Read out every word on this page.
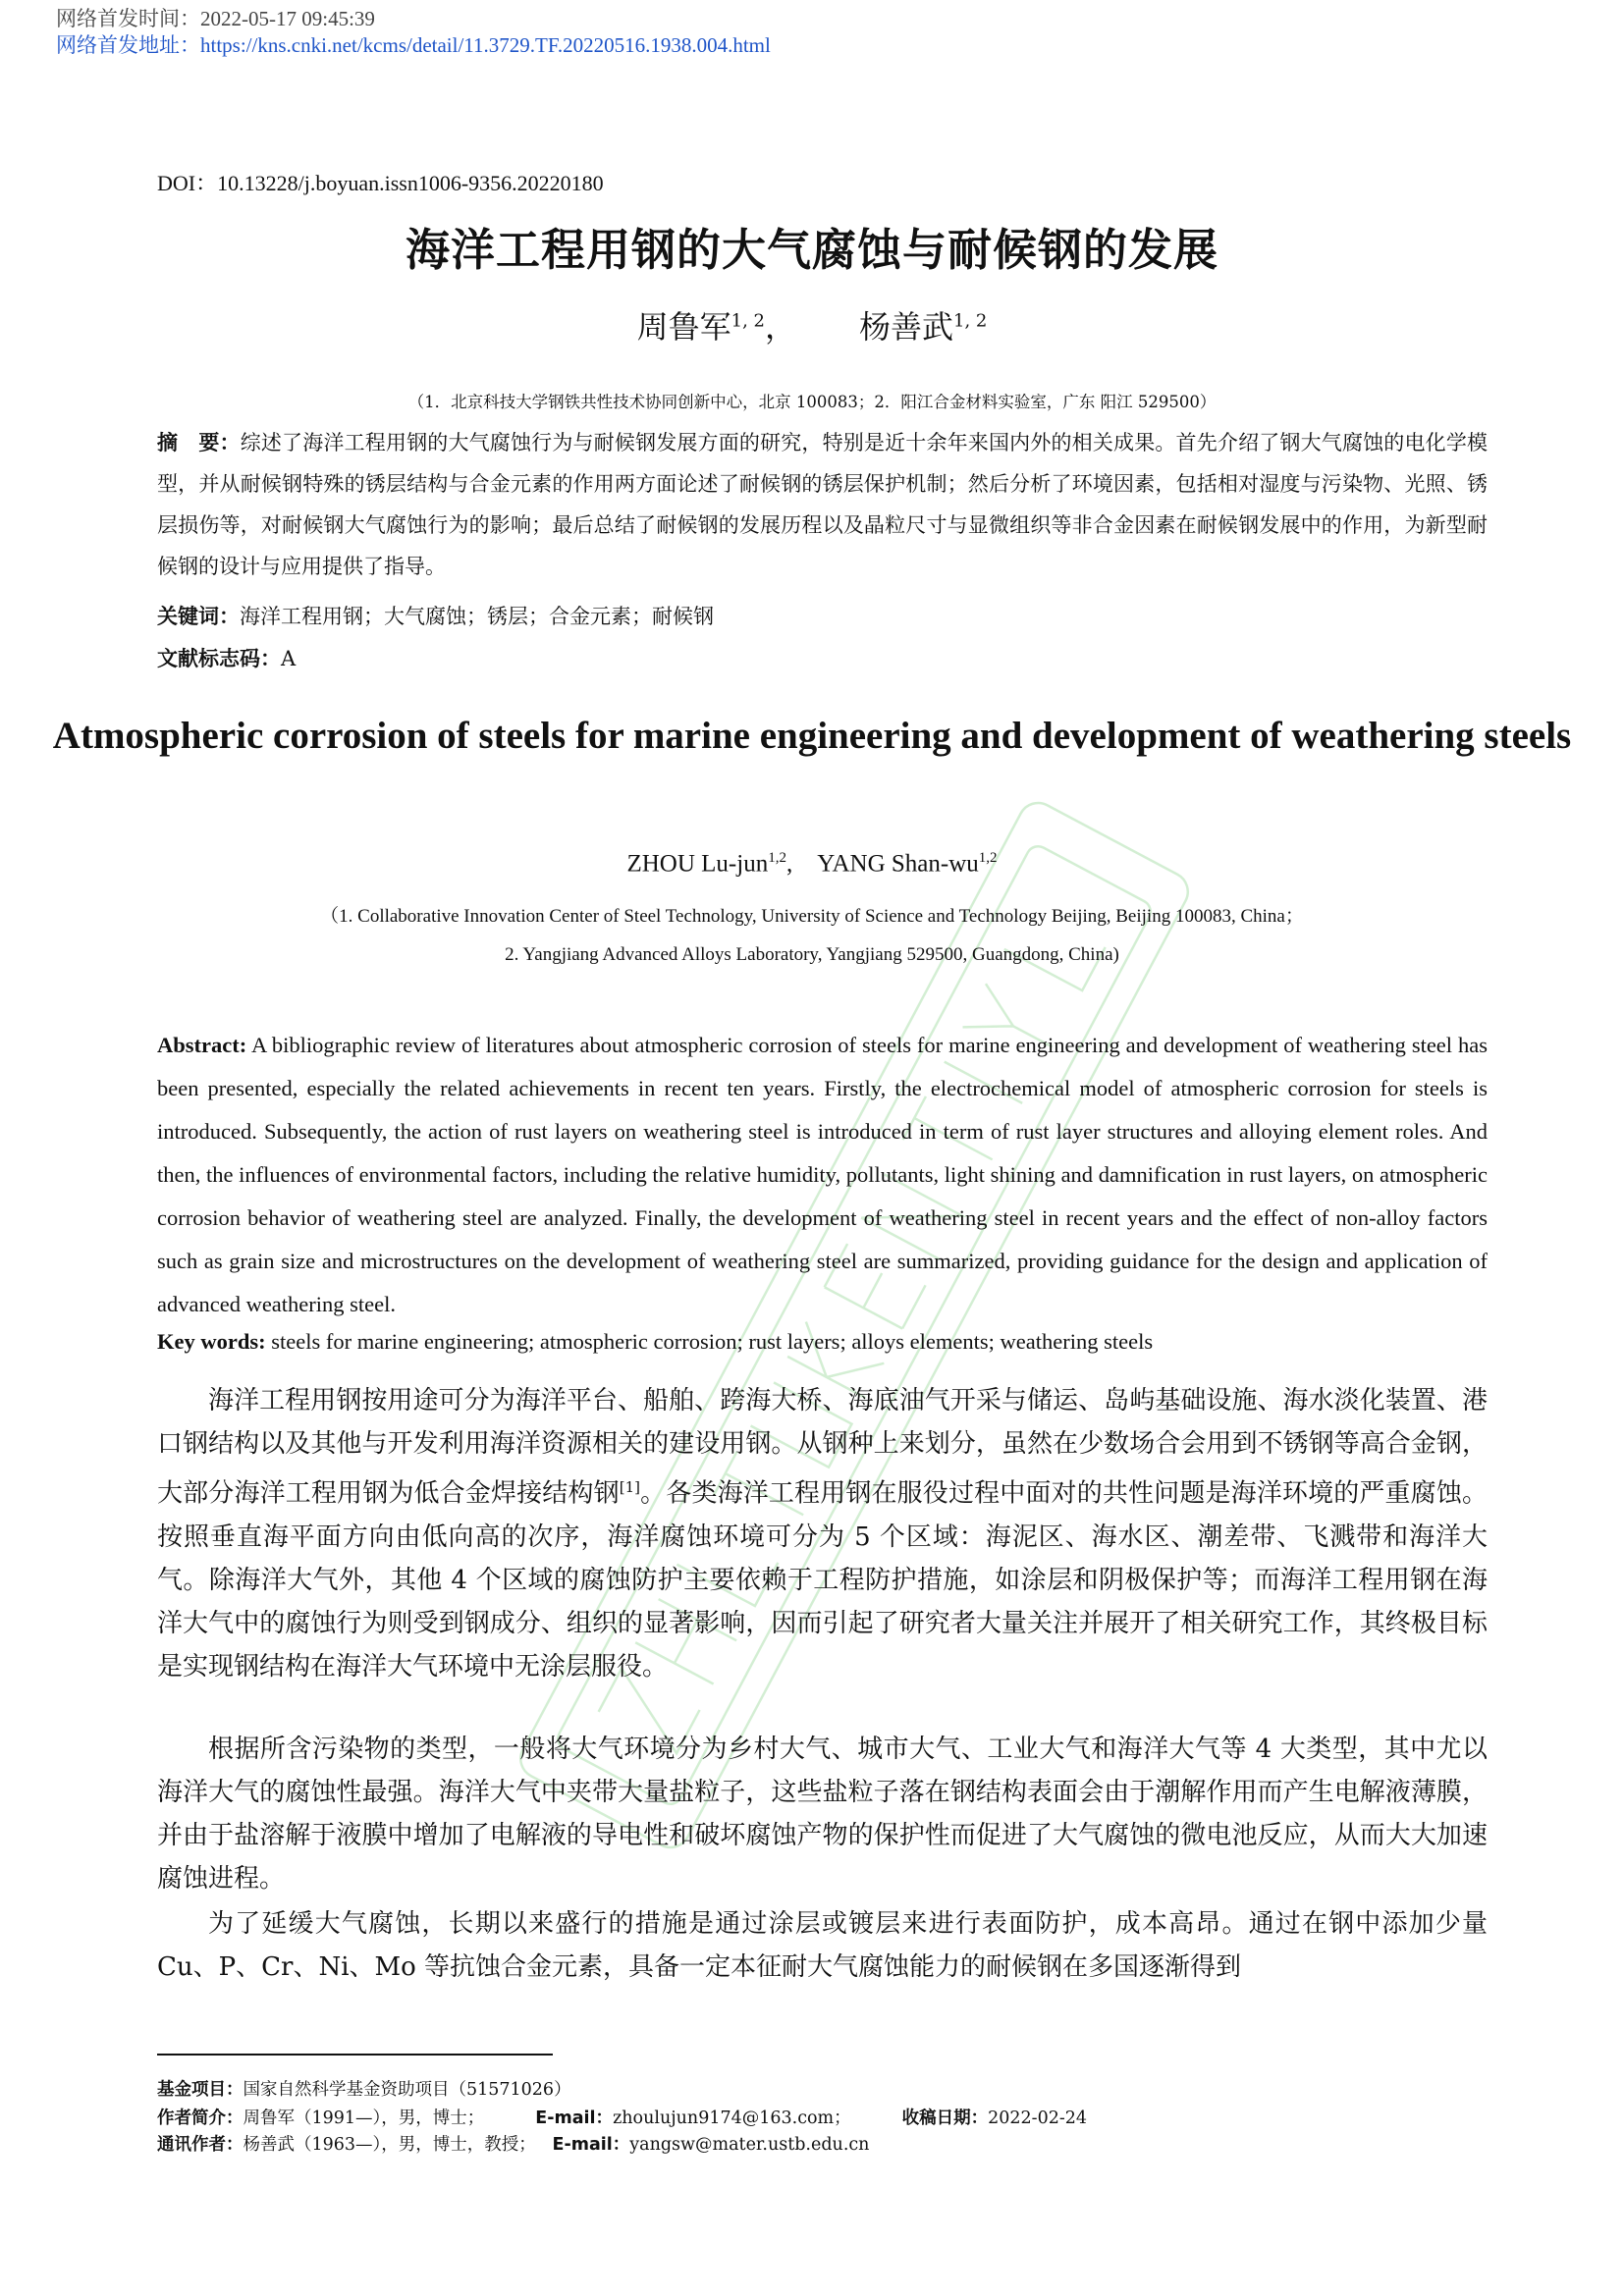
网络首发时间：2022-05-17 09:45:39
网络首发地址：https://kns.cnki.net/kcms/detail/11.3729.TF.20220516.1938.004.html
DOI：10.13228/j.boyuan.issn1006-9356.20220180
海洋工程用钢的大气腐蚀与耐候钢的发展
周鲁军$^{1, 2}$，  杨善武$^{1, 2}$
（1．北京科技大学钢铁共性技术协同创新中心，北京 100083；2．阳江合金材料实验室，广东 阳江 529500）
摘　要：综述了海洋工程用钢的大气腐蚀行为与耐候钢发展方面的研究，特别是近十余年来国内外的相关成果。首先介绍了钢大气腐蚀的电化学模型，并从耐候钢特殊的锈层结构与合金元素的作用两方面论述了耐候钢的锈层保护机制；然后分析了环境因素，包括相对湿度与污染物、光照、锈层损伤等，对耐候钢大气腐蚀行为的影响；最后总结了耐候钢的发展历程以及晶粒尺寸与显微组织等非合金因素在耐候钢发展中的作用，为新型耐候钢的设计与应用提供了指导。
关键词：海洋工程用钢；大气腐蚀；锈层；合金元素；耐候钢
文献标志码：A
Atmospheric corrosion of steels for marine engineering and development of weathering steels
ZHOU Lu-jun$^{1,2}$, YANG Shan-wu$^{1,2}$
（1. Collaborative Innovation Center of Steel Technology, University of Science and Technology Beijing, Beijing 100083, China；
2. Yangjiang Advanced Alloys Laboratory, Yangjiang 529500, Guangdong, China)
Abstract: A bibliographic review of literatures about atmospheric corrosion of steels for marine engineering and development of weathering steel has been presented, especially the related achievements in recent ten years. Firstly, the electrochemical model of atmospheric corrosion for steels is introduced. Subsequently, the action of rust layers on weathering steel is introduced in term of rust layer structures and alloying element roles. And then, the influences of environmental factors, including the relative humidity, pollutants, light shining and damnification in rust layers, on atmospheric corrosion behavior of weathering steel are analyzed. Finally, the development of weathering steel in recent years and the effect of non-alloy factors such as grain size and microstructures on the development of weathering steel are summarized, providing guidance for the design and application of advanced weathering steel.
Key words: steels for marine engineering; atmospheric corrosion; rust layers; alloys elements; weathering steels

海洋工程用钢按用途可分为海洋平台、船舶、跨海大桥、海底油气开采与储运、岛屿基础设施、海水淡化装置、港口钢结构以及其他与开发利用海洋资源相关的建设用钢。从钢种上来划分，虽然在少数场合会用到不锈钢等高合金钢，大部分海洋工程用钢为低合金焊接结构钢[1]。各类海洋工程用钢在服役过程中面对的共性问题是海洋环境的严重腐蚀。按照垂直海平面方向由低向高的次序，海洋腐蚀环境可分为 5 个区域：海泥区、海水区、潮差带、飞溅带和海洋大气。除海洋大气外，其他 4 个区域的腐蚀防护主要依赖于工程防护措施，如涂层和阴极保护等；而海洋工程用钢在海洋大气中的腐蚀行为则受到钢成分、组织的显著影响，因而引起了研究者大量关注并展开了相关研究工作，其终极目标是实现钢结构在海洋大气环境中无涂层服役。

根据所含污染物的类型，一般将大气环境分为乡村大气、城市大气、工业大气和海洋大气等 4 大类型，其中尤以海洋大气的腐蚀性最强。海洋大气中夹带大量盐粒子，这些盐粒子落在钢结构表面会由于潮解作用而产生电解液薄膜，并由于盐溶解于液膜中增加了电解液的导电性和破坏腐蚀产物的保护性而促进了大气腐蚀的微电池反应，从而大大加速腐蚀进程。

为了延缓大气腐蚀，长期以来盛行的措施是通过涂层或镀层来进行表面防护，成本高昂。通过在钢中添加少量 Cu、P、Cr、Ni、Mo 等抗蚀合金元素，具备一定本征耐大气腐蚀能力的耐候钢在多国逐渐得到

基金项目：国家自然科学基金资助项目（51571026）
作者简介：周鲁军（1991—），男，博士；	E-mail：zhoulujun9174@163.com；	收稿日期：2022-02-24
通讯作者：杨善武（1963—），男，博士，教授； E-mail：yangsw@mater.ustb.edu.cn
